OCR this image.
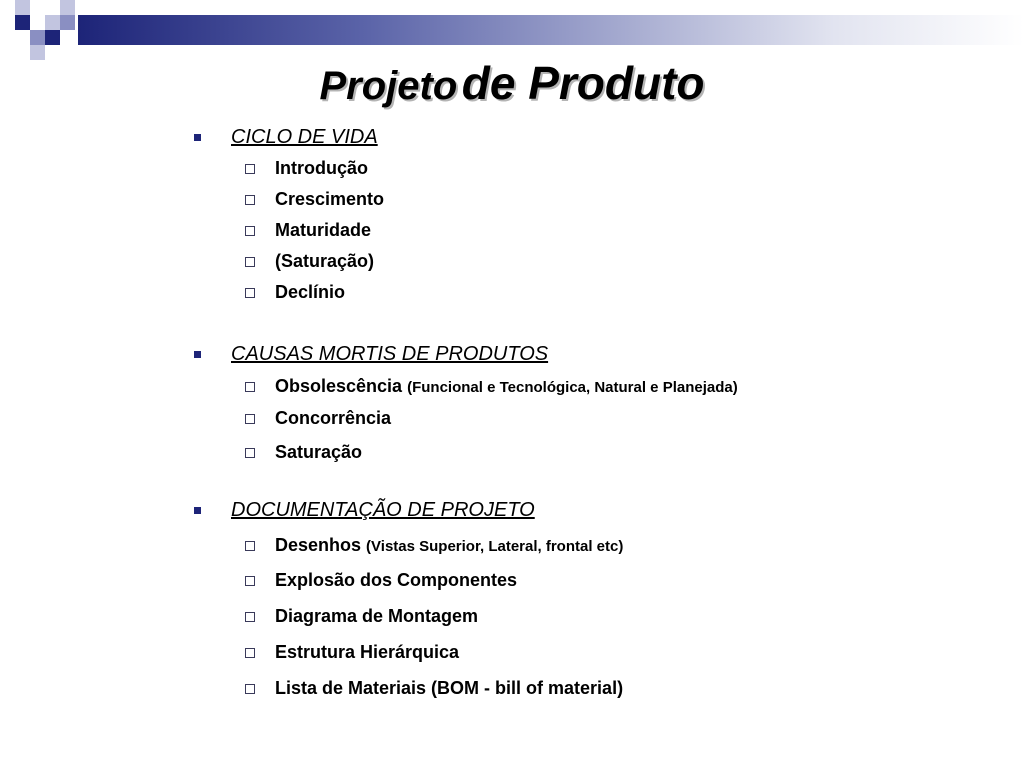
Projeto de Produto
CICLO DE VIDA
Introdução
Crescimento
Maturidade
(Saturação)
Declínio
CAUSAS MORTIS DE PRODUTOS
Obsolescência (Funcional e Tecnológica, Natural e Planejada)
Concorrência
Saturação
DOCUMENTAÇÃO DE PROJETO
Desenhos (Vistas Superior, Lateral, frontal etc)
Explosão dos Componentes
Diagrama de Montagem
Estrutura Hierárquica
Lista de Materiais (BOM - bill of material)
